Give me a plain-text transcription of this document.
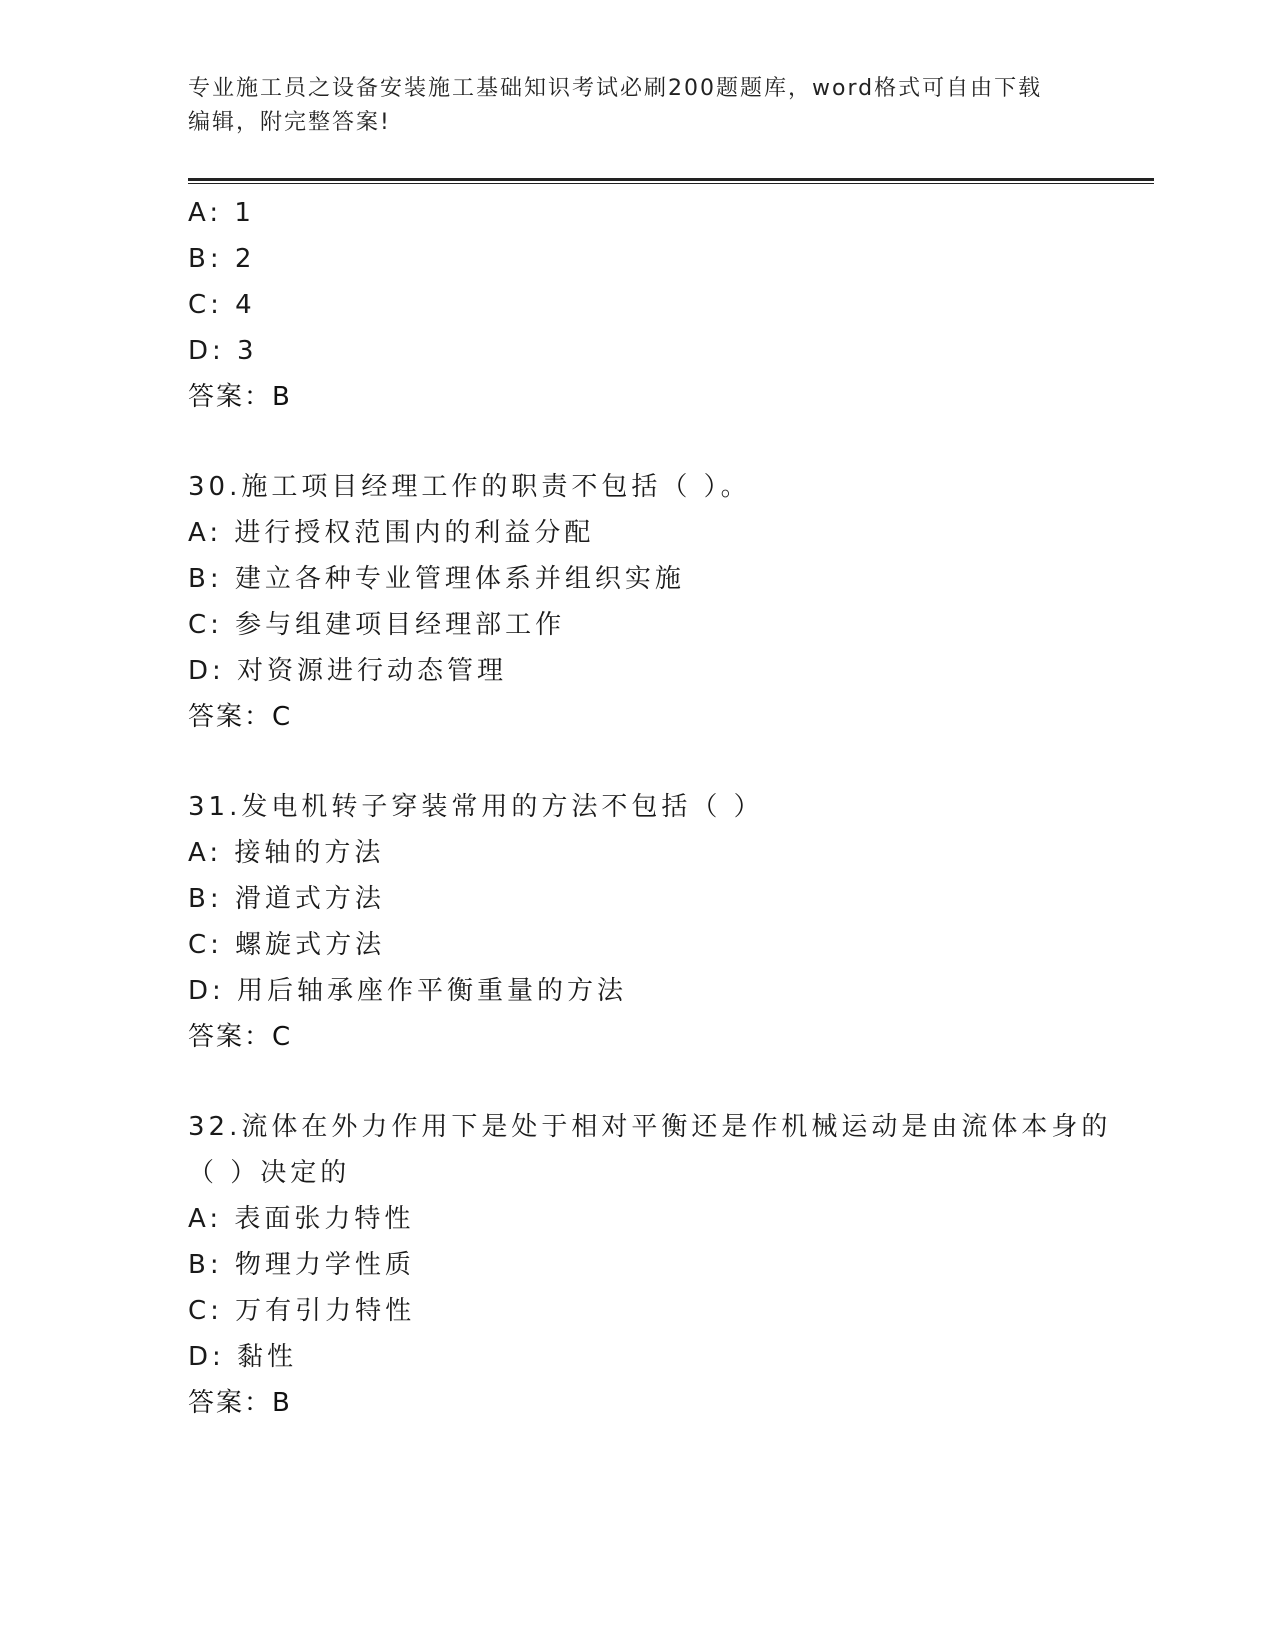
专业施工员之设备安装施工基础知识考试必刷200题题库，word格式可自由下载
编辑，附完整答案!
A: 1
B: 2
C: 4
D: 3
答案：B
30.施工项目经理工作的职责不包括（ ）。
A: 进行授权范围内的利益分配
B: 建立各种专业管理体系并组织实施
C: 参与组建项目经理部工作
D: 对资源进行动态管理
答案：C
31.发电机转子穿装常用的方法不包括（ ）
A: 接轴的方法
B: 滑道式方法
C: 螺旋式方法
D: 用后轴承座作平衡重量的方法
答案：C
32.流体在外力作用下是处于相对平衡还是作机械运动是由流体本身的
（ ）决定的
A: 表面张力特性
B: 物理力学性质
C: 万有引力特性
D: 黏性
答案：B
